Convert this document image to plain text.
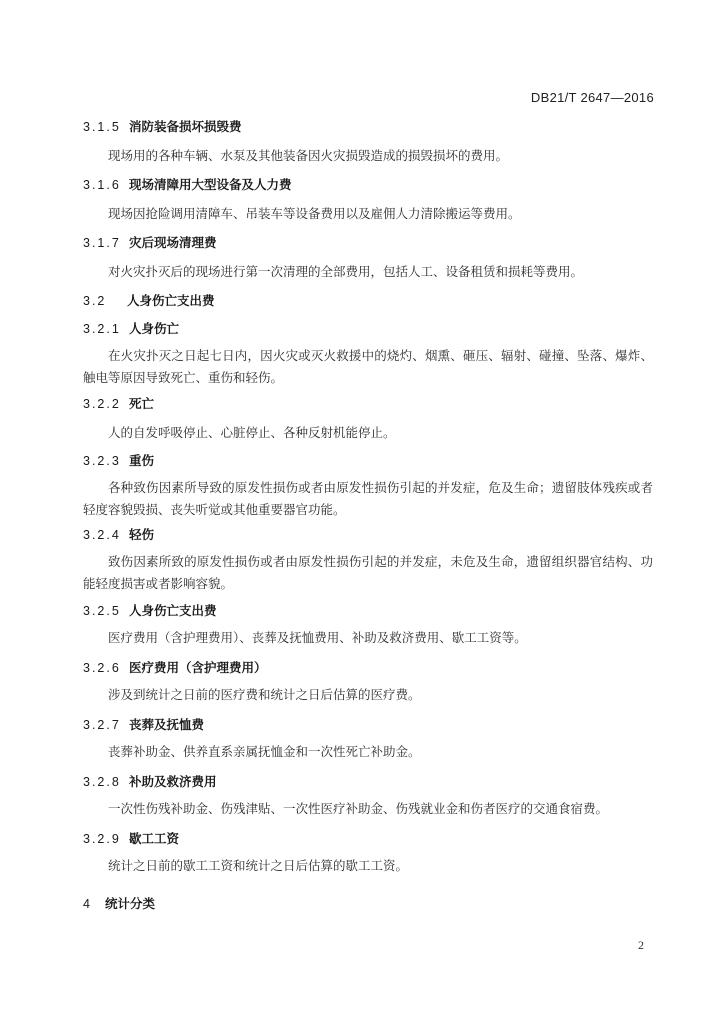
DB21/T 2647—2016
3.1.5 消防装备损坏损毁费
现场用的各种车辆、水泵及其他装备因火灾损毁造成的损毁损坏的费用。
3.1.6 现场清障用大型设备及人力费
现场因抢险调用清障车、吊装车等设备费用以及雇佣人力清除搬运等费用。
3.1.7 灾后现场清理费
对火灾扑灭后的现场进行第一次清理的全部费用，包括人工、设备租赁和损耗等费用。
3.2 人身伤亡支出费
3.2.1 人身伤亡
在火灾扑灭之日起七日内，因火灾或灭火救援中的烧灼、烟熏、砸压、辐射、碰撞、坠落、爆炸、触电等原因导致死亡、重伤和轻伤。
3.2.2 死亡
人的自发呼吸停止、心脏停止、各种反射机能停止。
3.2.3 重伤
各种致伤因素所导致的原发性损伤或者由原发性损伤引起的并发症，危及生命；遗留肢体残疾或者轻度容貌毁损、丧失听觉或其他重要器官功能。
3.2.4 轻伤
致伤因素所致的原发性损伤或者由原发性损伤引起的并发症，未危及生命，遗留组织器官结构、功能轻度损害或者影响容貌。
3.2.5 人身伤亡支出费
医疗费用（含护理费用）、丧葬及抚恤费用、补助及救济费用、歇工工资等。
3.2.6 医疗费用（含护理费用）
涉及到统计之日前的医疗费和统计之日后估算的医疗费。
3.2.7 丧葬及抚恤费
丧葬补助金、供养直系亲属抚恤金和一次性死亡补助金。
3.2.8 补助及救济费用
一次性伤残补助金、伤残津贴、一次性医疗补助金、伤残就业金和伤者医疗的交通食宿费。
3.2.9 歇工工资
统计之日前的歇工工资和统计之日后估算的歇工工资。
4 统计分类
2
